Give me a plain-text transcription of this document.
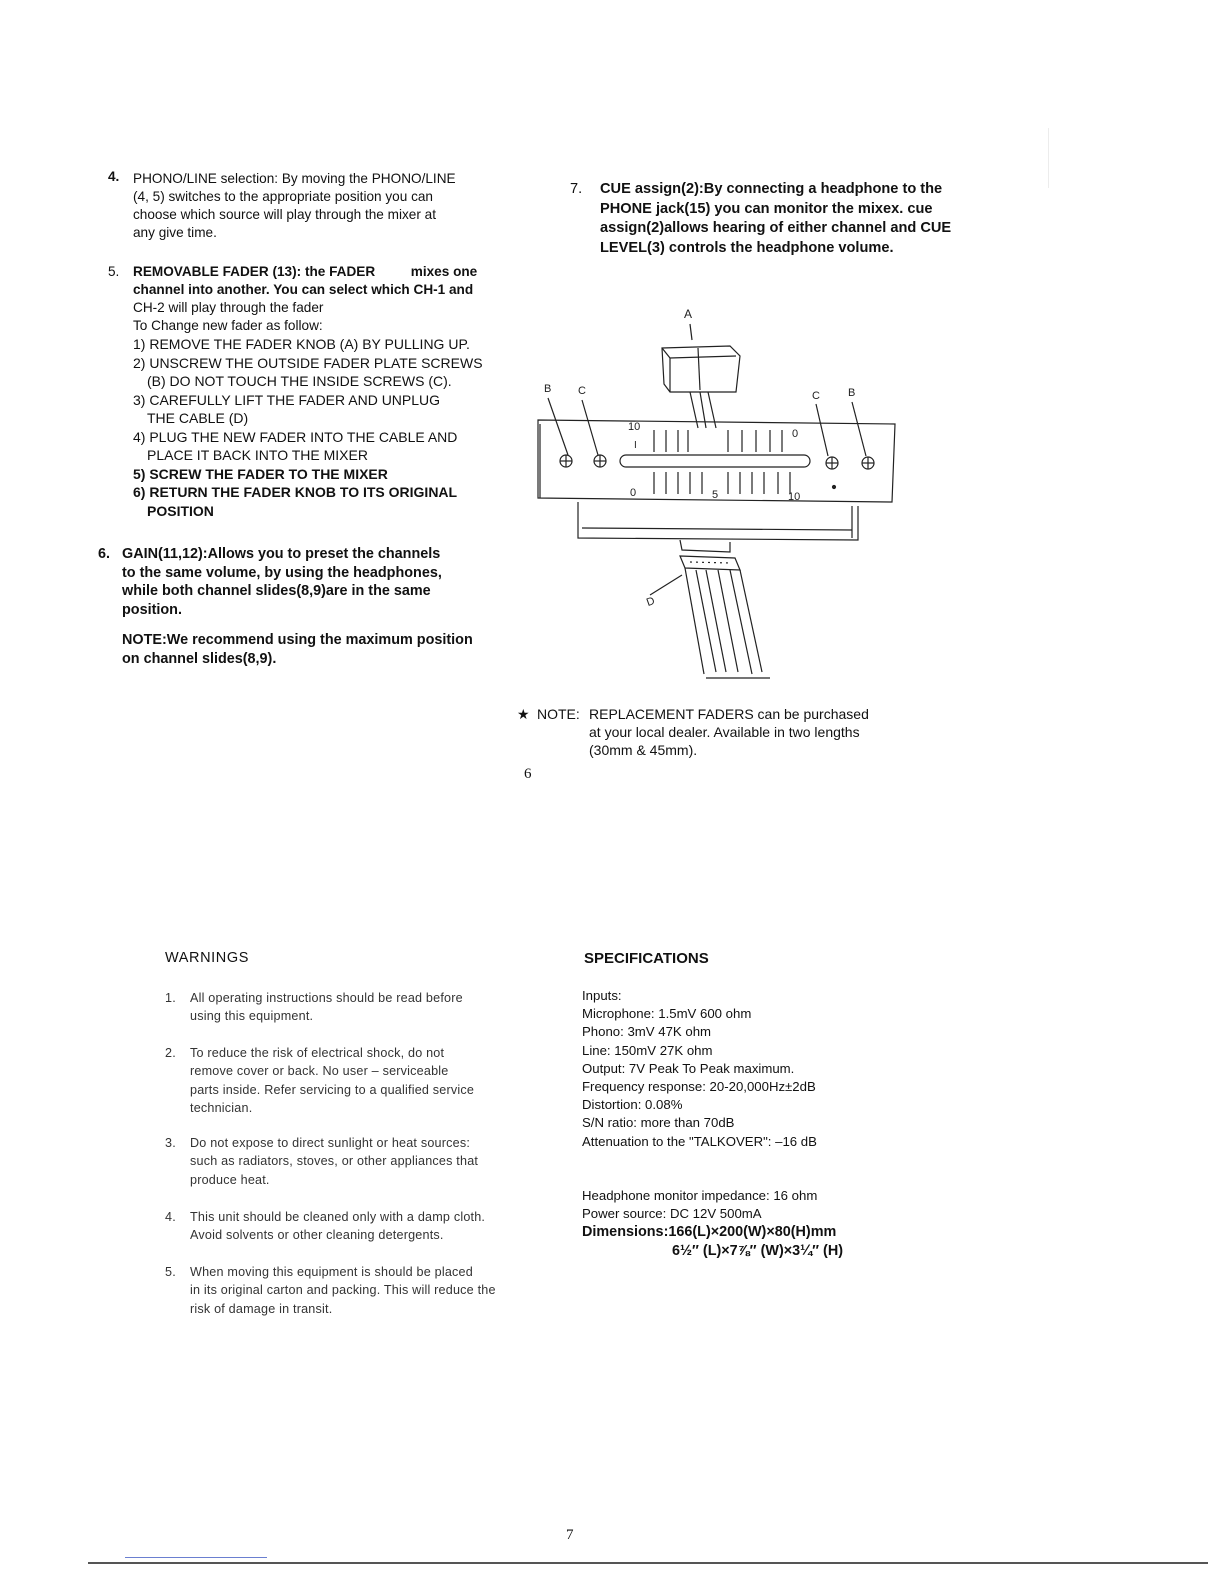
4. PHONO/LINE selection: By moving the PHONO/LINE
(4, 5) switches to the appropriate position you can
choose which source will play through the mixer at
any give time.
5. REMOVABLE FADER (13): the FADER	mixes one
channel into another. You can select which CH-1 and
CH-2 will play through the fader
To Change new fader as follow:
1) REMOVE THE FADER KNOB (A) BY PULLING UP.
2) UNSCREW THE OUTSIDE FADER PLATE SCREWS
(B) DO NOT TOUCH THE INSIDE SCREWS (C).
3) CAREFULLY LIFT THE FADER AND UNPLUG
THE CABLE (D)
4) PLUG THE NEW FADER INTO THE CABLE AND
PLACE IT BACK INTO THE MIXER
5) SCREW THE FADER TO THE MIXER
6) RETURN THE FADER KNOB TO ITS ORIGINAL
POSITION
6. GAIN(11,12):Allows you to preset the channels
to the same volume, by using the headphones,
while both channel slides(8,9)are in the same
position.
NOTE:We recommend using the maximum position
on channel slides(8,9).
7. CUE assign(2):By connecting a headphone to the
PHONE jack(15) you can monitor the mixex. cue
assign(2)allows hearing of either channel and CUE
LEVEL(3) controls the headphone volume.
A
B C	C	B
10
I
0
0	5	10
D
★ NOTE: REPLACEMENT FADERS can be purchased
at your local dealer. Available in two lengths
(30mm & 45mm).
6
WARNINGS
1. All operating instructions should be read before
using this equipment.
2. To reduce the risk of electrical shock, do not
remove cover or back. No user – serviceable
parts inside. Refer servicing to a qualified service
technician.
3. Do not expose to direct sunlight or heat sources:
such as radiators, stoves, or other appliances that
produce heat.
4. This unit should be cleaned only with a damp cloth.
Avoid solvents or other cleaning detergents.
5. When moving this equipment is should be placed
in its original carton and packing. This will reduce the
risk of damage in transit.
SPECIFICATIONS
Inputs:
Microphone: 1.5mV 600 ohm
Phono: 3mV 47K ohm
Line: 150mV 27K ohm
Output: 7V Peak To Peak maximum.
Frequency response: 20-20,000Hz±2dB
Distortion: 0.08%
S/N ratio: more than 70dB
Attenuation to the "TALKOVER": –16 dB
Headphone monitor impedance: 16 ohm
Power source: DC 12V 500mA
Dimensions:166(L)×200(W)×80(H)mm
6½″ (L)×7⅞″ (W)×3¼″ (H)
7
